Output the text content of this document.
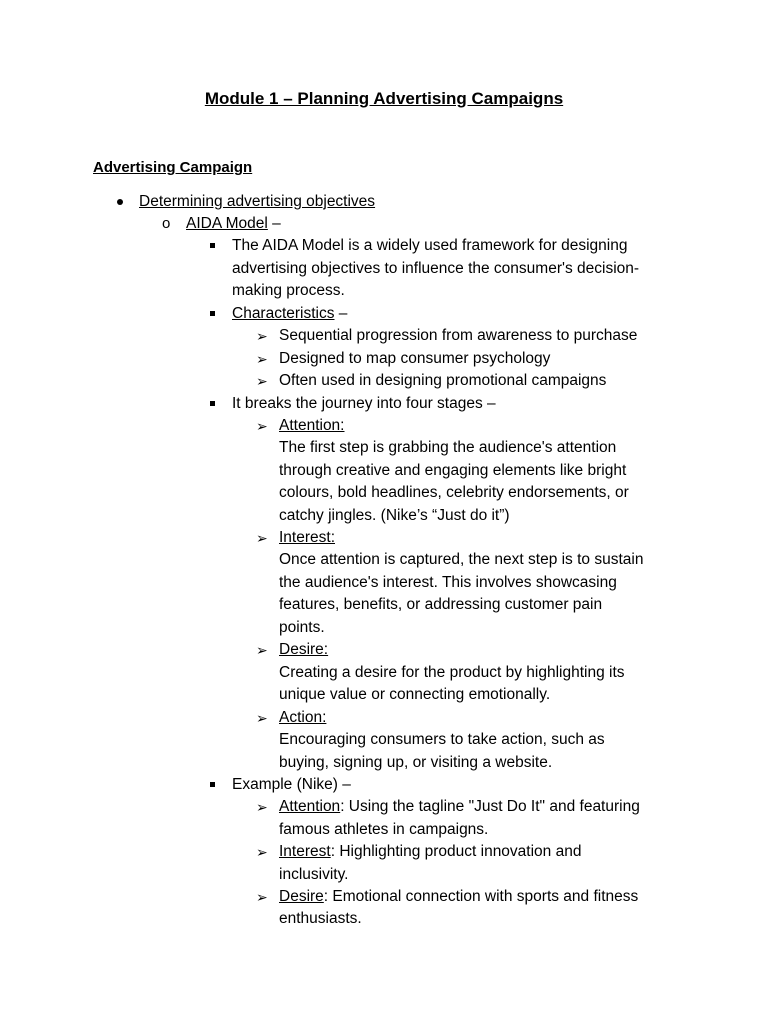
Module 1 – Planning Advertising Campaigns
Advertising Campaign
Determining advertising objectives
o AIDA Model –
The AIDA Model is a widely used framework for designing
advertising objectives to influence the consumer's decision-
making process.
Characteristics –
➢ Sequential progression from awareness to purchase
➢ Designed to map consumer psychology
➢ Often used in designing promotional campaigns
It breaks the journey into four stages –
➢ Attention:
The first step is grabbing the audience's attention
through creative and engaging elements like bright
colours, bold headlines, celebrity endorsements, or
catchy jingles. (Nike’s “Just do it”)
➢ Interest:
Once attention is captured, the next step is to sustain
the audience's interest. This involves showcasing
features, benefits, or addressing customer pain
points.
➢ Desire:
Creating a desire for the product by highlighting its
unique value or connecting emotionally.
➢ Action:
Encouraging consumers to take action, such as
buying, signing up, or visiting a website.
Example (Nike) –
➢ Attention: Using the tagline "Just Do It" and featuring
famous athletes in campaigns.
➢ Interest: Highlighting product innovation and
inclusivity.
➢ Desire: Emotional connection with sports and fitness
enthusiasts.
